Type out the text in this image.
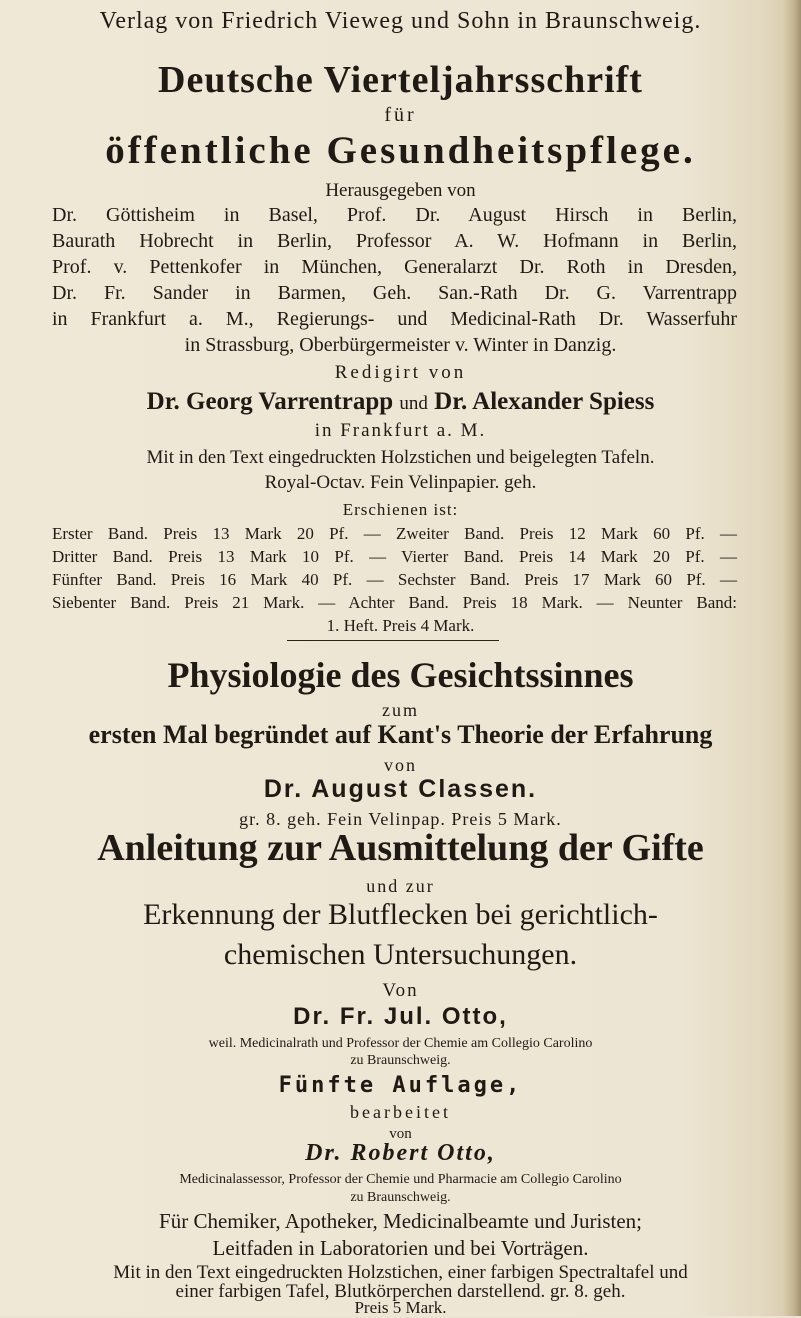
Verlag von Friedrich Vieweg und Sohn in Braunschweig.
Deutsche Vierteljahrsschrift
für
öffentliche Gesundheitspflege.
Herausgegeben von
Dr. Göttisheim in Basel, Prof. Dr. August Hirsch in Berlin,
Baurath Hobrecht in Berlin, Professor A. W. Hofmann in Berlin,
Prof. v. Pettenkofer in München, Generalarzt Dr. Roth in Dresden,
Dr. Fr. Sander in Barmen, Geh. San.-Rath Dr. G. Varrentrapp
in Frankfurt a. M., Regierungs- und Medicinal-Rath Dr. Wasserfuhr
in Strassburg, Oberbürgermeister v. Winter in Danzig.
Redigirt von
Dr. Georg Varrentrapp und Dr. Alexander Spiess
in Frankfurt a. M.
Mit in den Text eingedruckten Holzstichen und beigelegten Tafeln.
Royal-Octav. Fein Velinpapier. geh.
Erschienen ist:
Erster Band. Preis 13 Mark 20 Pf. — Zweiter Band. Preis 12 Mark 60 Pf. —
Dritter Band. Preis 13 Mark 10 Pf. — Vierter Band. Preis 14 Mark 20 Pf. —
Fünfter Band. Preis 16 Mark 40 Pf. — Sechster Band. Preis 17 Mark 60 Pf. —
Siebenter Band. Preis 21 Mark. — Achter Band. Preis 18 Mark. — Neunter Band:
1. Heft. Preis 4 Mark.
Physiologie des Gesichtssinnes
zum
ersten Mal begründet auf Kant's Theorie der Erfahrung
von
Dr. August Classen.
gr. 8. geh. Fein Velinpap. Preis 5 Mark.
Anleitung zur Ausmittelung der Gifte
und zur
Erkennung der Blutflecken bei gerichtlich-
chemischen Untersuchungen.
Von
Dr. Fr. Jul. Otto,
weil. Medicinalrath und Professor der Chemie am Collegio Carolino
zu Braunschweig.
Fünfte Auflage,
bearbeitet
von
Dr. Robert Otto,
Medicinalassessor, Professor der Chemie und Pharmacie am Collegio Carolino
zu Braunschweig.
Für Chemiker, Apotheker, Medicinalbeamte und Juristen;
Leitfaden in Laboratorien und bei Vorträgen.
Mit in den Text eingedruckten Holzstichen, einer farbigen Spectraltafel und
einer farbigen Tafel, Blutkörperchen darstellend. gr. 8. geh.
Preis 5 Mark.
